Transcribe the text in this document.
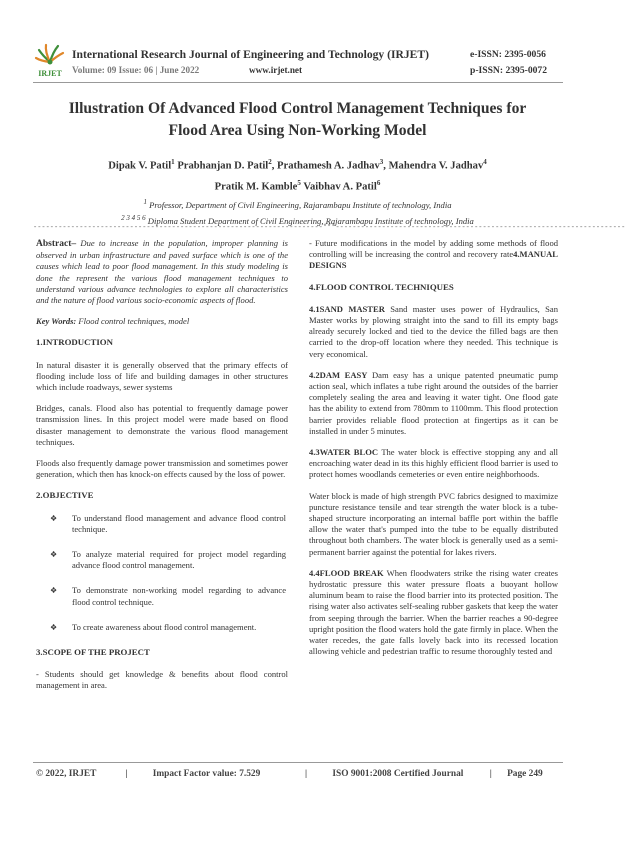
IRJET
International Research Journal of Engineering and Technology (IRJET)	e-ISSN: 2395-0056
Volume: 09 Issue: 06 | June 2022	www.irjet.net	p-ISSN: 2395-0072
Illustration Of Advanced Flood Control Management Techniques for
Flood Area Using Non-Working Model
Dipak V. Patil$^1$ Prabhanjan D. Patil$^2$, Prathamesh A. Jadhav$^3$, Mahendra V. Jadhav$^4$
Pratik M. Kamble$^5$ Vaibhav A. Patil$^6$
$^1$ Professor, Department of Civil Engineering, Rajarambapu Institute of technology, India
$^{2 3 4 5 6}$ Diploma Student Department of Civil Engineering, Rajarambapu Institute of technology, India
---------------------------------------------------------------------***---------------------------------------------------------------------

Abstract– Due to increase in the population, improper planning is observed in urban infrastructure and paved surface which is one of the causes which lead to poor flood management. In this study modeling is done the represent the various flood management techniques to understand various advance technologies to explore all characteristics and the nature of flood various socio-economic aspects of flood.

Key Words: Flood control techniques, model

1.INTRODUCTION

In natural disaster it is generally observed that the primary effects of flooding include loss of life and building damages in other structures which include roadways, sewer systems

Bridges, canals. Flood also has potential to frequently damage power transmission lines. In this project model were made based on flood disaster management to demonstrate the various flood management techniques.

Floods also frequently damage power transmission and sometimes power generation, which then has knock-on effects caused by the loss of power.

2.OBJECTIVE
❖ To understand flood management and advance flood control technique.
❖ To analyze material required for project model regarding advance flood control management.
❖ To demonstrate non-working model regarding to advance flood control technique.
❖ To create awareness about flood control management.
3.SCOPE OF THE PROJECT

- Students should get knowledge & benefits about flood control management in area.

- Future modifications in the model by adding some methods of flood controlling will be increasing the control and recovery rate4.MANUAL DESIGNS

4.FLOOD CONTROL TECHNIQUES

4.1SAND MASTER Sand master uses power of Hydraulics, San Master works by plowing straight into the sand to fill its empty bags already securely locked and tied to the device the filled bags are then carried to the drop-off location where they needed. This technique is very economical.

4.2DAM EASY Dam easy has a unique patented pneumatic pump action seal, which inflates a tube right around the outsides of the barrier completely sealing the area and leaving it water tight. One flood gate has the ability to extend from 780mm to 1100mm. This flood protection barrier provides reliable flood protection at fingertips as it can be installed in under 5 minutes.

4.3WATER BLOC The water block is effective stopping any and all encroaching water dead in its this highly efficient flood barrier is used to protect homes woodlands cemeteries or even entire neighborhoods.

Water block is made of high strength PVC fabrics designed to maximize puncture resistance tensile and tear strength the water block is a tube-shaped structure incorporating an internal baffle port within the baffle allow the water that's pumped into the tube to be equally distributed throughout both chambers. The water block is generally used as a semi-permanent barrier against the potential for lakes rivers.

4.4FLOOD BREAK When floodwaters strike the rising water creates hydrostatic pressure this water pressure floats a buoyant hollow aluminum beam to raise the flood barrier into its protected position. The rising water also activates self-sealing rubber gaskets that keep the water from seeping through the barrier. When the barrier reaches a 90-degree upright position the flood waters hold the gate firmly in place. When the water recedes, the gate falls lovely back into its recessed location allowing vehicle and pedestrian traffic to resume thoroughly tested and

© 2022, IRJET	|	Impact Factor value: 7.529	|	ISO 9001:2008 Certified Journal	| Page 249
